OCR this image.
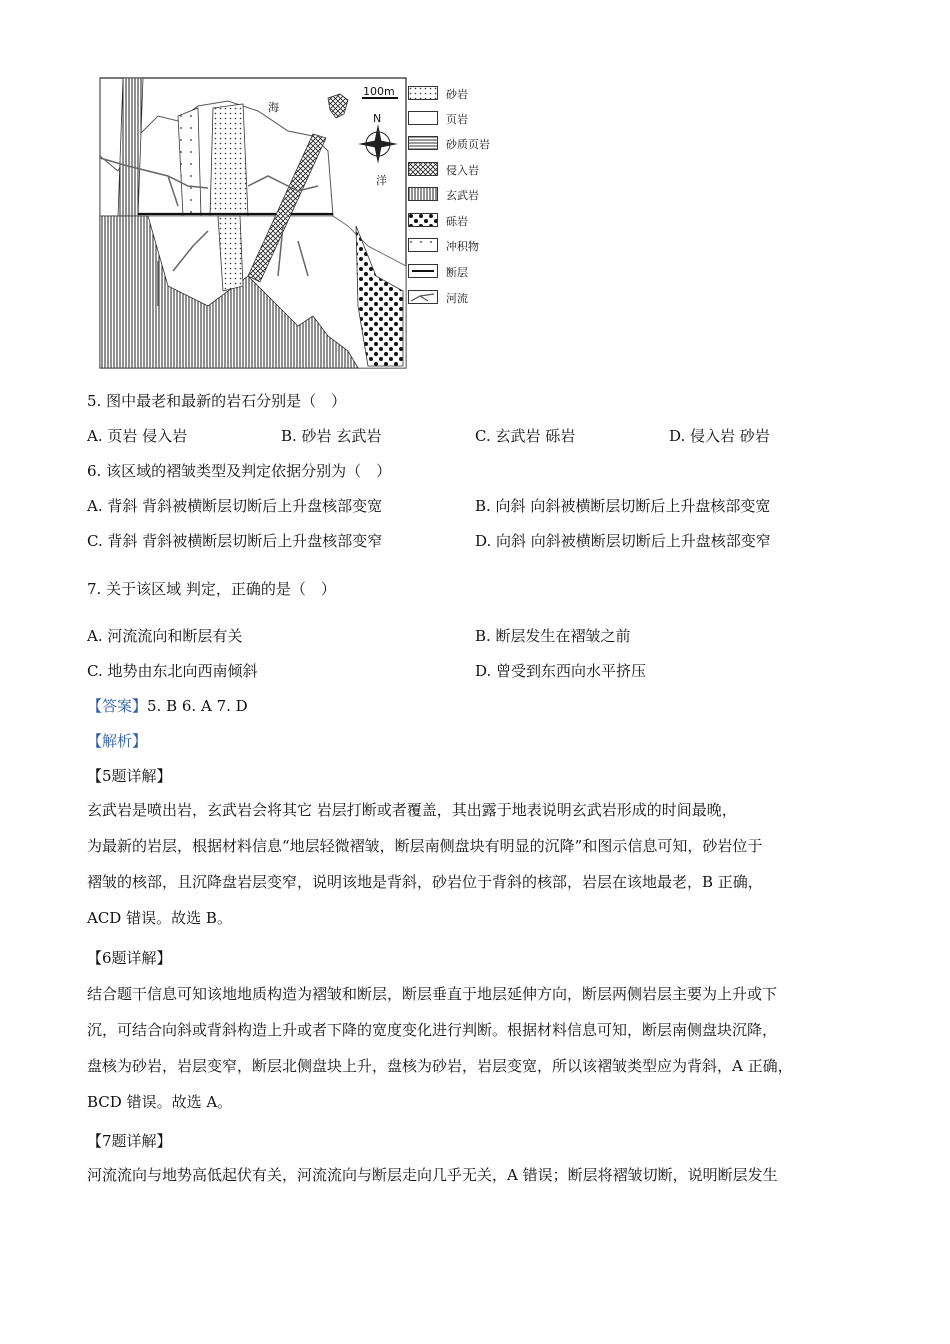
100m
N
海
洋
砂岩
页岩
砂质页岩
侵入岩
玄武岩
砾岩
冲积物
断层
河流
5. 图中最老和最新的岩石分别是（　）
A. 页岩 侵入岩	B. 砂岩 玄武岩	C. 玄武岩 砾岩	D. 侵入岩 砂岩
6. 该区域的褶皱类型及判定依据分别为（　）
A. 背斜 背斜被横断层切断后上升盘核部变宽	B. 向斜 向斜被横断层切断后上升盘核部变宽
C. 背斜 背斜被横断层切断后上升盘核部变窄	D. 向斜 向斜被横断层切断后上升盘核部变窄
7. 关于该区域 判定，正确的是（　）
A. 河流流向和断层有关	B. 断层发生在褶皱之前
C. 地势由东北向西南倾斜	D. 曾受到东西向水平挤压
【答案】5. B 6. A 7. D
【解析】
【5题详解】
玄武岩是喷出岩，玄武岩会将其它 岩层打断或者覆盖，其出露于地表说明玄武岩形成的时间最晚，
为最新的岩层，根据材料信息“地层轻微褶皱，断层南侧盘块有明显的沉降”和图示信息可知，砂岩位于
褶皱的核部，且沉降盘岩层变窄，说明该地是背斜，砂岩位于背斜的核部，岩层在该地最老，B 正确，
ACD 错误。故选 B。
【6题详解】
结合题干信息可知该地地质构造为褶皱和断层，断层垂直于地层延伸方向，断层两侧岩层主要为上升或下
沉，可结合向斜或背斜构造上升或者下降的宽度变化进行判断。根据材料信息可知，断层南侧盘块沉降，
盘核为砂岩，岩层变窄，断层北侧盘块上升，盘核为砂岩，岩层变宽，所以该褶皱类型应为背斜，A 正确，
BCD 错误。故选 A。
【7题详解】
河流流向与地势高低起伏有关，河流流向与断层走向几乎无关，A 错误；断层将褶皱切断，说明断层发生
